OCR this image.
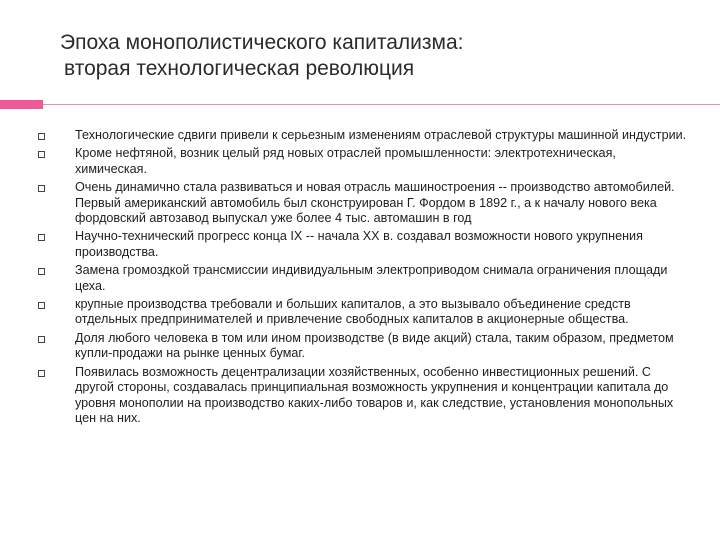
Эпоха монополистического капитализма:
вторая технологическая революция
Технологические сдвиги привели к серьезным изменениям отраслевой структуры машинной индустрии.
Кроме нефтяной, возник целый ряд новых отраслей промышленности: электротехническая, химическая.
Очень динамично стала развиваться и новая отрасль машиностроения -- производство автомобилей. Первый американский автомобиль был сконструирован Г. Фордом в 1892 г., а к началу нового века фордовский автозавод выпускал уже более 4 тыс. автомашин в год
Научно-технический прогресс конца IX -- начала XX в. создавал возможности нового укрупнения производства.
Замена громоздкой трансмиссии индивидуальным электроприводом снимала ограничения площади цеха.
крупные производства требовали и больших капиталов, а это вызывало объединение средств отдельных предпринимателей и привлечение свободных капиталов в акционерные общества.
Доля любого человека в том или ином производстве (в виде акций) стала, таким образом, предметом купли-продажи на рынке ценных бумаг.
Появилась возможность децентрализации хозяйственных, особенно инвестиционных решений. С другой стороны, создавалась принципиальная возможность укрупнения и концентрации капитала до уровня монополии на производство каких-либо товаров и, как следствие, установления монопольных цен на них.
